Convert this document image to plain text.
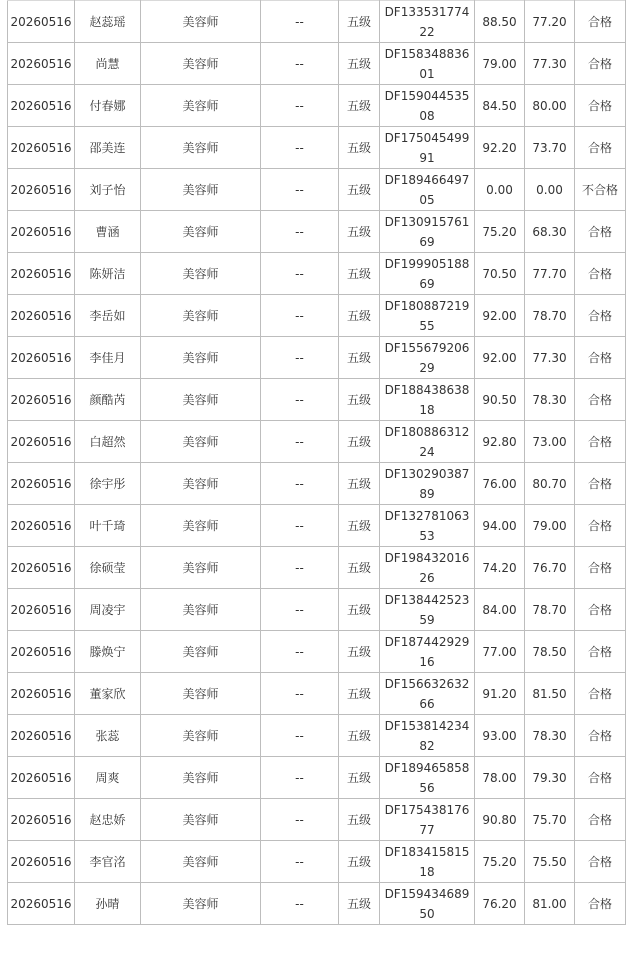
20260516	赵蕊瑶	美容师	--	五级	DF13353177422	88.50	77.20	合格
20260516	尚慧	美容师	--	五级	DF15834883601	79.00	77.30	合格
20260516	付春娜	美容师	--	五级	DF15904453508	84.50	80.00	合格
20260516	邵美连	美容师	--	五级	DF17504549991	92.20	73.70	合格
20260516	刘子怡	美容师	--	五级	DF18946649705	0.00	0.00	不合格
20260516	曹涵	美容师	--	五级	DF13091576169	75.20	68.30	合格
20260516	陈妍洁	美容师	--	五级	DF19990518869	70.50	77.70	合格
20260516	李岳如	美容师	--	五级	DF18088721955	92.00	78.70	合格
20260516	李佳月	美容师	--	五级	DF15567920629	92.00	77.30	合格
20260516	颜酷芮	美容师	--	五级	DF18843863818	90.50	78.30	合格
20260516	白超然	美容师	--	五级	DF18088631224	92.80	73.00	合格
20260516	徐宇彤	美容师	--	五级	DF13029038789	76.00	80.70	合格
20260516	叶千琦	美容师	--	五级	DF13278106353	94.00	79.00	合格
20260516	徐硕莹	美容师	--	五级	DF19843201626	74.20	76.70	合格
20260516	周凌宇	美容师	--	五级	DF13844252359	84.00	78.70	合格
20260516	滕焕宁	美容师	--	五级	DF18744292916	77.00	78.50	合格
20260516	董家欣	美容师	--	五级	DF15663263266	91.20	81.50	合格
20260516	张蕊	美容师	--	五级	DF15381423482	93.00	78.30	合格
20260516	周爽	美容师	--	五级	DF18946585856	78.00	79.30	合格
20260516	赵忠娇	美容师	--	五级	DF17543817677	90.80	75.70	合格
20260516	李官洺	美容师	--	五级	DF18341581518	75.20	75.50	合格
20260516	孙晴	美容师	--	五级	DF15943468950	76.20	81.00	合格
